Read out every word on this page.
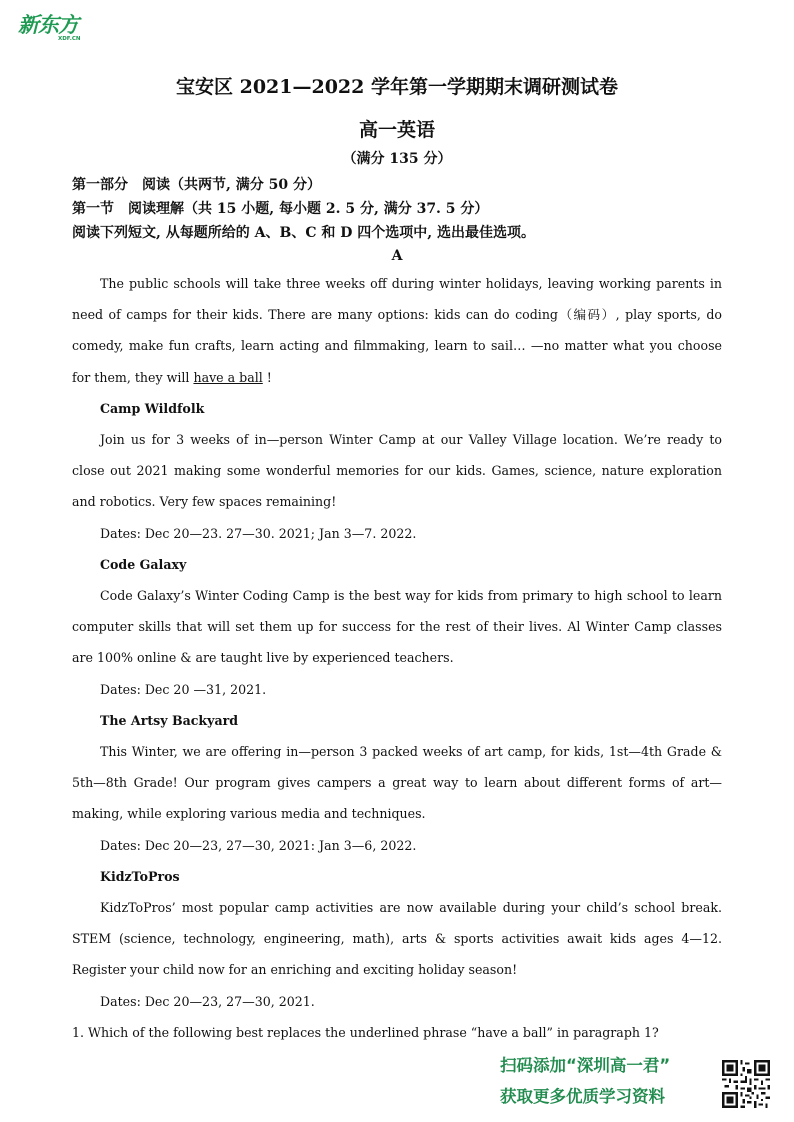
新东方
XDF.CN
宝安区 2021—2022 学年第一学期期末调研测试卷
高一英语
（满分 135 分）
第一部分　阅读（共两节, 满分 50 分）
第一节　阅读理解（共 15 小题, 每小题 2. 5 分, 满分 37. 5 分）
阅读下列短文, 从每题所给的 A、B、C 和 D 四个选项中, 选出最佳选项。
A

The public schools will take three weeks off during winter holidays, leaving working parents in need of camps for their kids. There are many options: kids can do coding（编码）, play sports, do comedy, make fun crafts, learn acting and filmmaking, learn to sail… —no matter what you choose for them, they will have a ball !

Camp Wildfolk

Join us for 3 weeks of in—person Winter Camp at our Valley Village location. We’re ready to close out 2021 making some wonderful memories for our kids. Games, science, nature exploration and robotics. Very few spaces remaining!

Dates: Dec 20—23. 27—30. 2021; Jan 3—7. 2022.

Code Galaxy

Code Galaxy’s Winter Coding Camp is the best way for kids from primary to high school to learn computer skills that will set them up for success for the rest of their lives. Al Winter Camp classes are 100% online & are taught live by experienced teachers.

Dates: Dec 20 —31, 2021.

The Artsy Backyard

This Winter, we are offering in—person 3 packed weeks of art camp, for kids, 1st—4th Grade & 5th—8th Grade! Our program gives campers a great way to learn about different forms of art—making, while exploring various media and techniques.

Dates: Dec 20—23, 27—30, 2021: Jan 3—6, 2022.

KidzToPros

KidzToPros’ most popular camp activities are now available during your child’s school break. STEM (science, technology, engineering, math), arts & sports activities await kids ages 4—12. Register your child now for an enriching and exciting holiday season!

Dates: Dec 20—23, 27—30, 2021.

1. Which of the following best replaces the underlined phrase “have a ball” in paragraph 1?

扫码添加“深圳高一君”
获取更多优质学习资料
